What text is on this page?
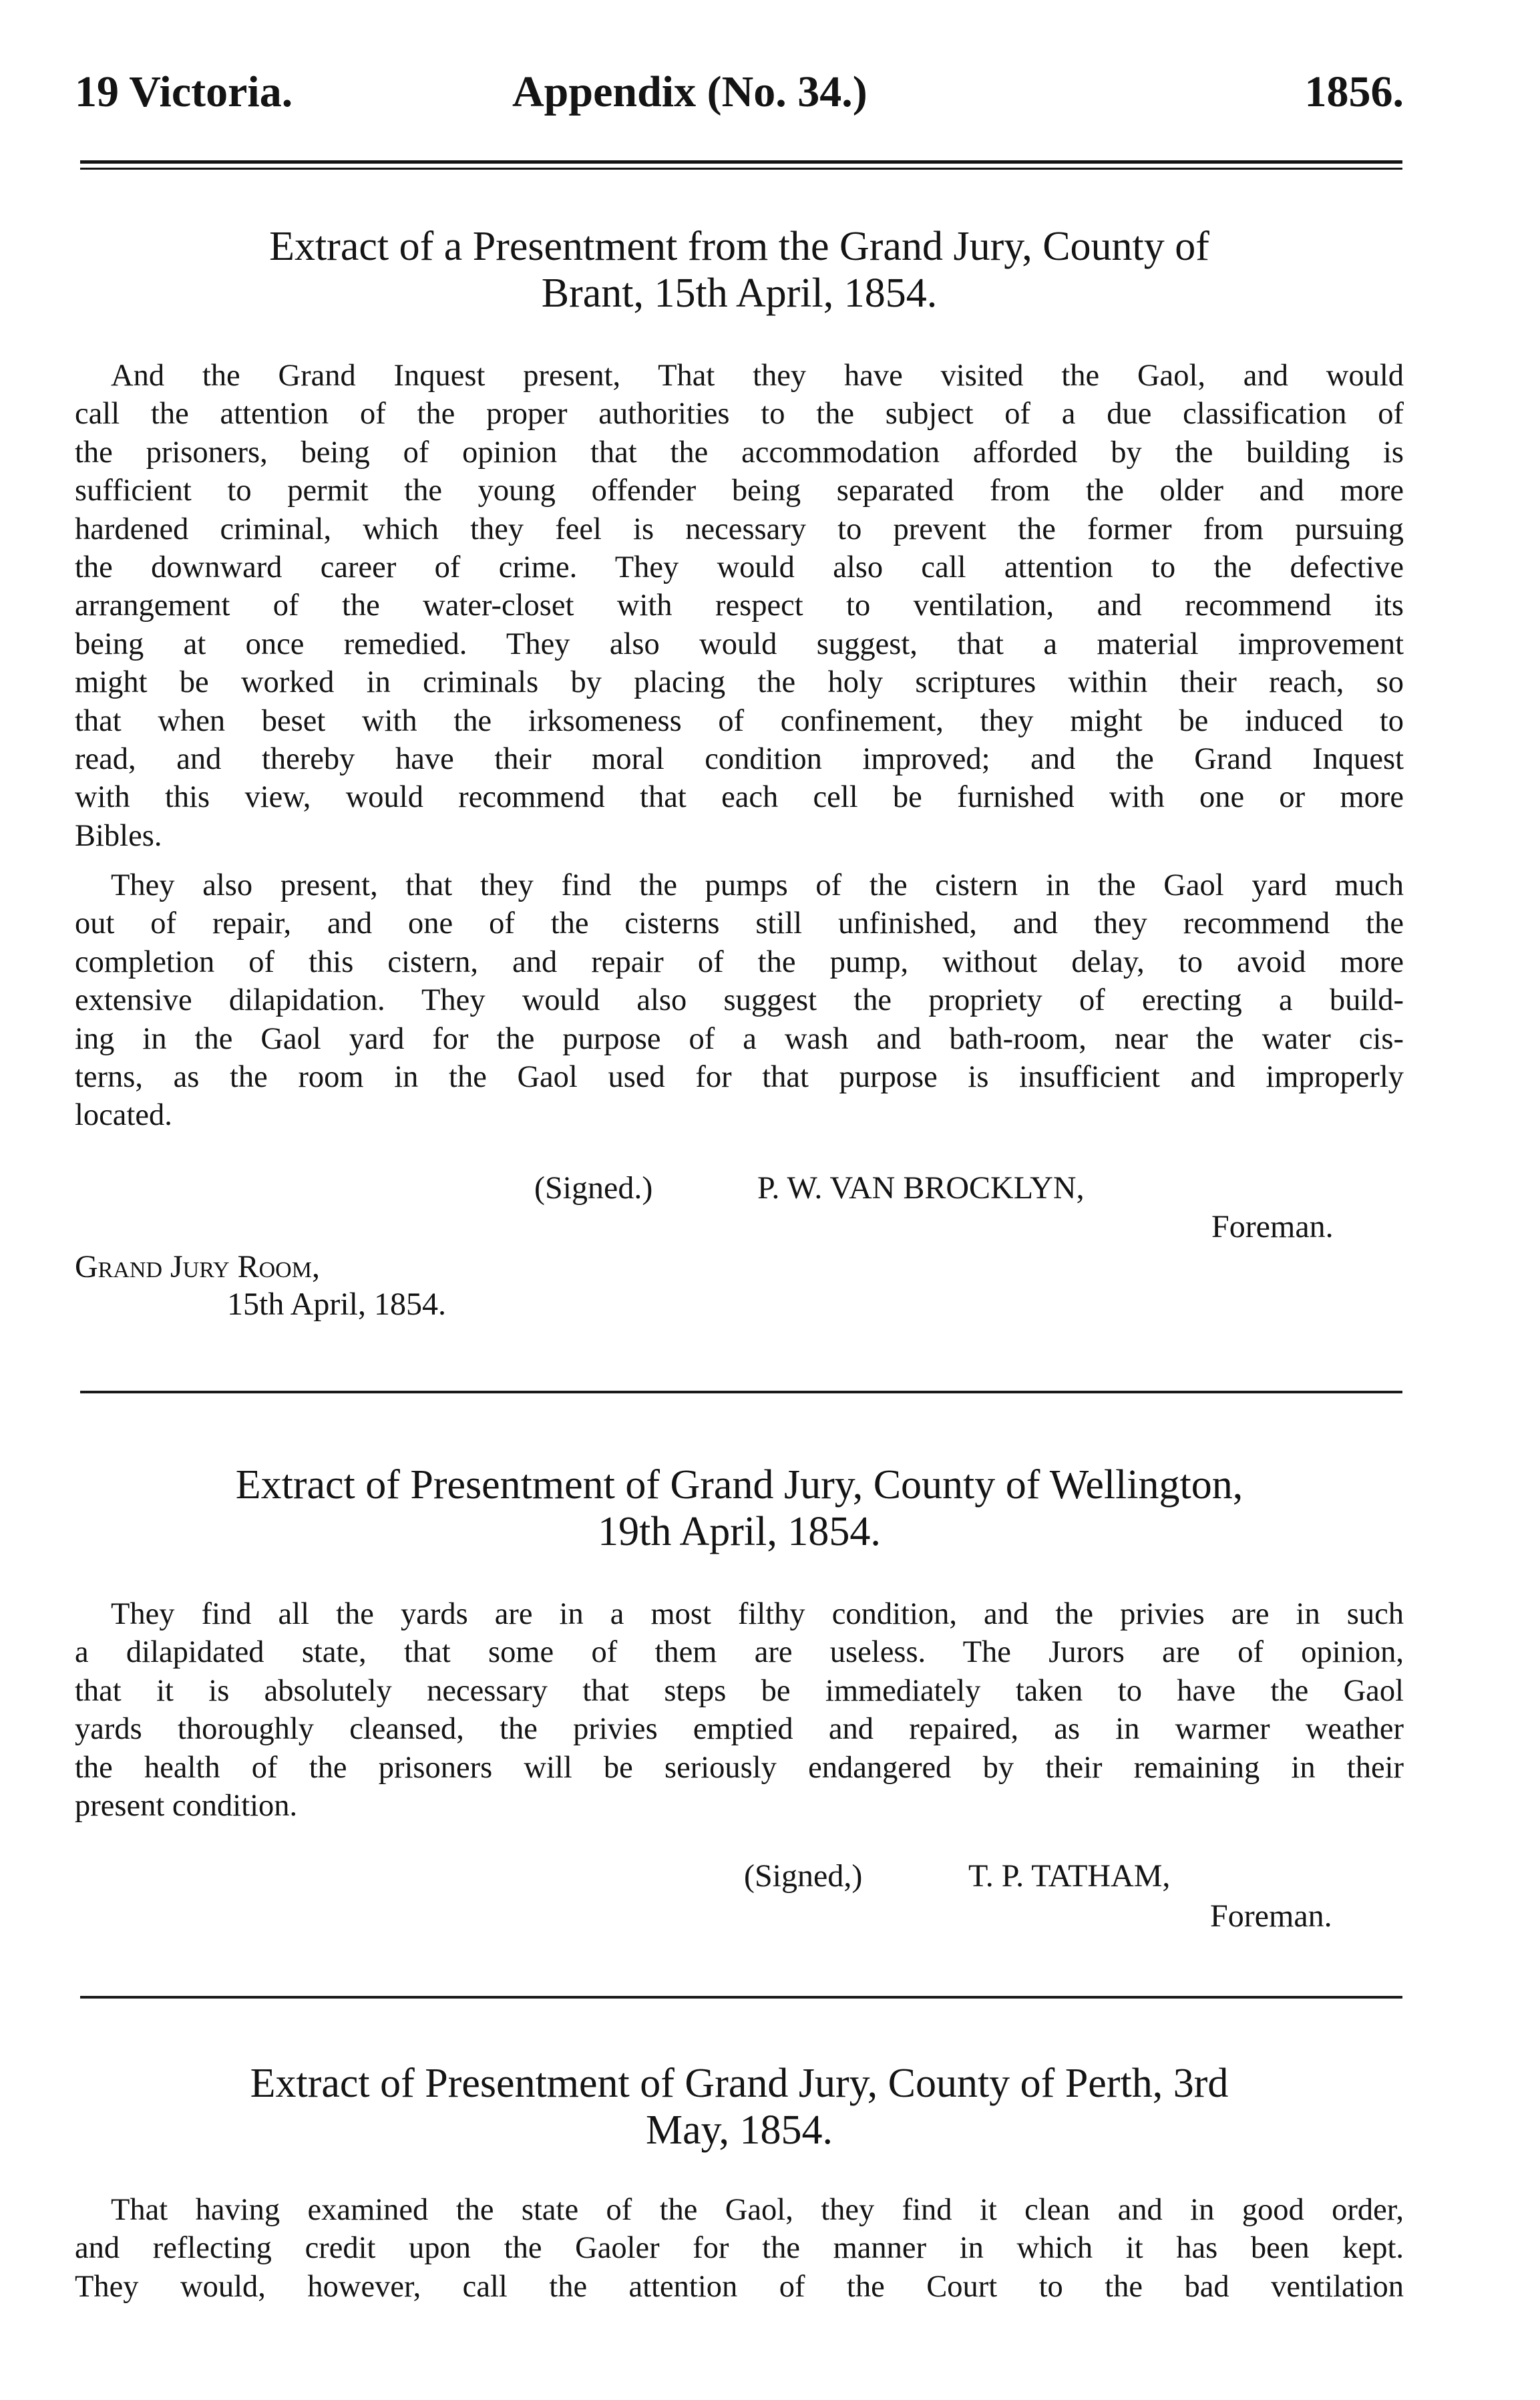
19 Victoria.	Appendix (No. 34.)	1856.
Extract of a Presentment from the Grand Jury, County of
Brant, 15th April, 1854.
And the Grand Inquest present, That they have visited the Gaol, and would
call the attention of the proper authorities to the subject of a due classification of
the prisoners, being of opinion that the accommodation afforded by the building is
sufficient to permit the young offender being separated from the older and more
hardened criminal, which they feel is necessary to prevent the former from pursuing
the downward career of crime. They would also call attention to the defective
arrangement of the water-closet with respect to ventilation, and recommend its
being at once remedied. They also would suggest, that a material improvement
might be worked in criminals by placing the holy scriptures within their reach, so
that when beset with the irksomeness of confinement, they might be induced to
read, and thereby have their moral condition improved; and the Grand Inquest
with this view, would recommend that each cell be furnished with one or more
Bibles.
They also present, that they find the pumps of the cistern in the Gaol yard much
out of repair, and one of the cisterns still unfinished, and they recommend the
completion of this cistern, and repair of the pump, without delay, to avoid more
extensive dilapidation. They would also suggest the propriety of erecting a build-
ing in the Gaol yard for the purpose of a wash and bath-room, near the water cis-
terns, as the room in the Gaol used for that purpose is insufficient and improperly
located.
(Signed.)	P. W. VAN BROCKLYN,
Foreman.
Grand Jury Room,
15th April, 1854.
Extract of Presentment of Grand Jury, County of Wellington,
19th April, 1854.
They find all the yards are in a most filthy condition, and the privies are in such
a dilapidated state, that some of them are useless. The Jurors are of opinion,
that it is absolutely necessary that steps be immediately taken to have the Gaol
yards thoroughly cleansed, the privies emptied and repaired, as in warmer weather
the health of the prisoners will be seriously endangered by their remaining in their
present condition.
(Signed,)	T. P. TATHAM,
Foreman.
Extract of Presentment of Grand Jury, County of Perth, 3rd
May, 1854.
That having examined the state of the Gaol, they find it clean and in good order,
and reflecting credit upon the Gaoler for the manner in which it has been kept.
They would, however, call the attention of the Court to the bad ventilation
